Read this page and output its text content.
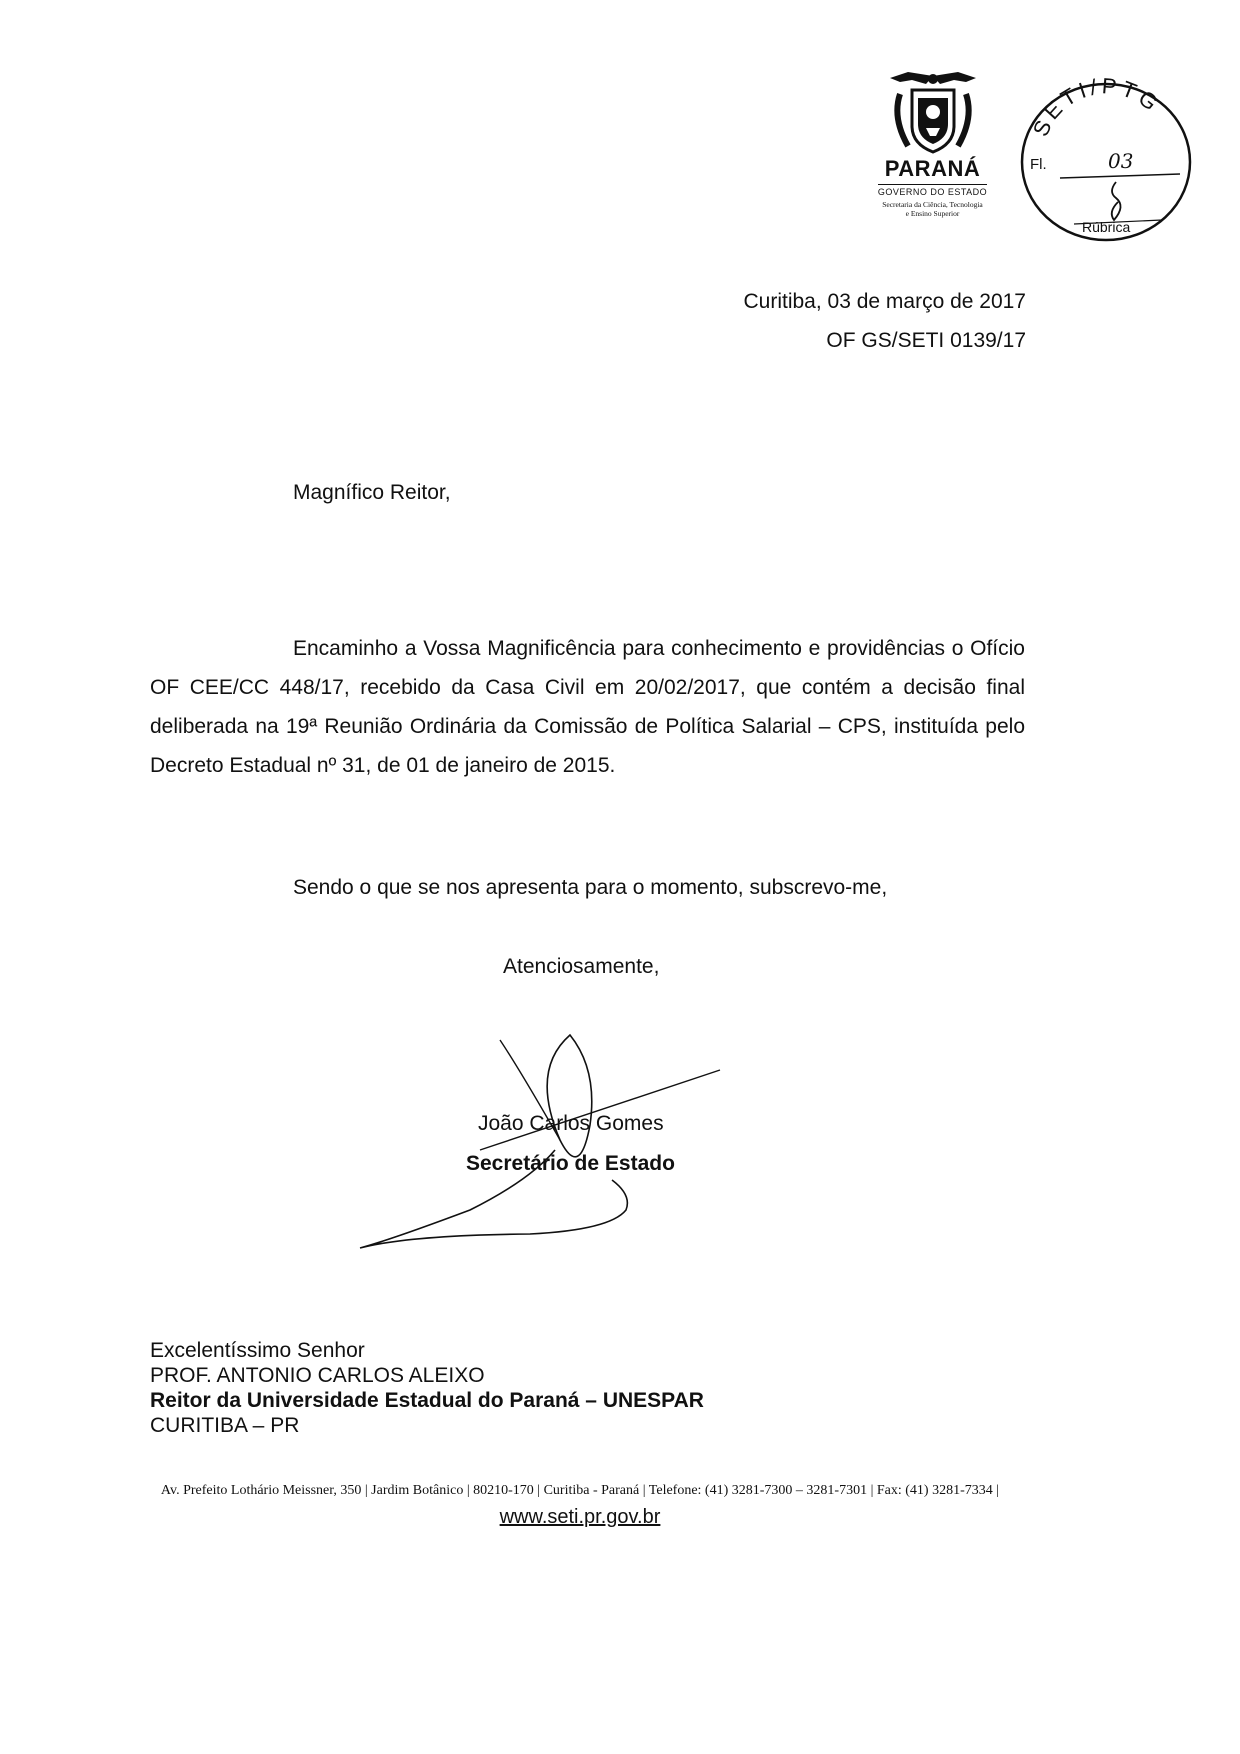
PARANÁ
GOVERNO DO ESTADO
Secretaria da Ciência, Tecnologia
e Ensino Superior
SETI/PTG
Fl.	03
Rúbrica
Curitiba, 03 de março de 2017
OF GS/SETI 0139/17
Magnífico Reitor,
Encaminho a Vossa Magnificência para conhecimento e providências o Ofício OF CEE/CC 448/17, recebido da Casa Civil em 20/02/2017, que contém a decisão final deliberada na 19ª Reunião Ordinária da Comissão de Política Salarial – CPS, instituída pelo Decreto Estadual nº 31, de 01 de janeiro de 2015.
Sendo o que se nos apresenta para o momento, subscrevo-me,
Atenciosamente,
João Carlos Gomes
Secretário de Estado
Excelentíssimo Senhor
PROF. ANTONIO CARLOS ALEIXO
Reitor da Universidade Estadual do Paraná – UNESPAR
CURITIBA – PR
Av. Prefeito Lothário Meissner, 350 | Jardim Botânico | 80210-170 | Curitiba - Paraná | Telefone: (41) 3281-7300 – 3281-7301 | Fax: (41) 3281-7334 | www.seti.pr.gov.br
